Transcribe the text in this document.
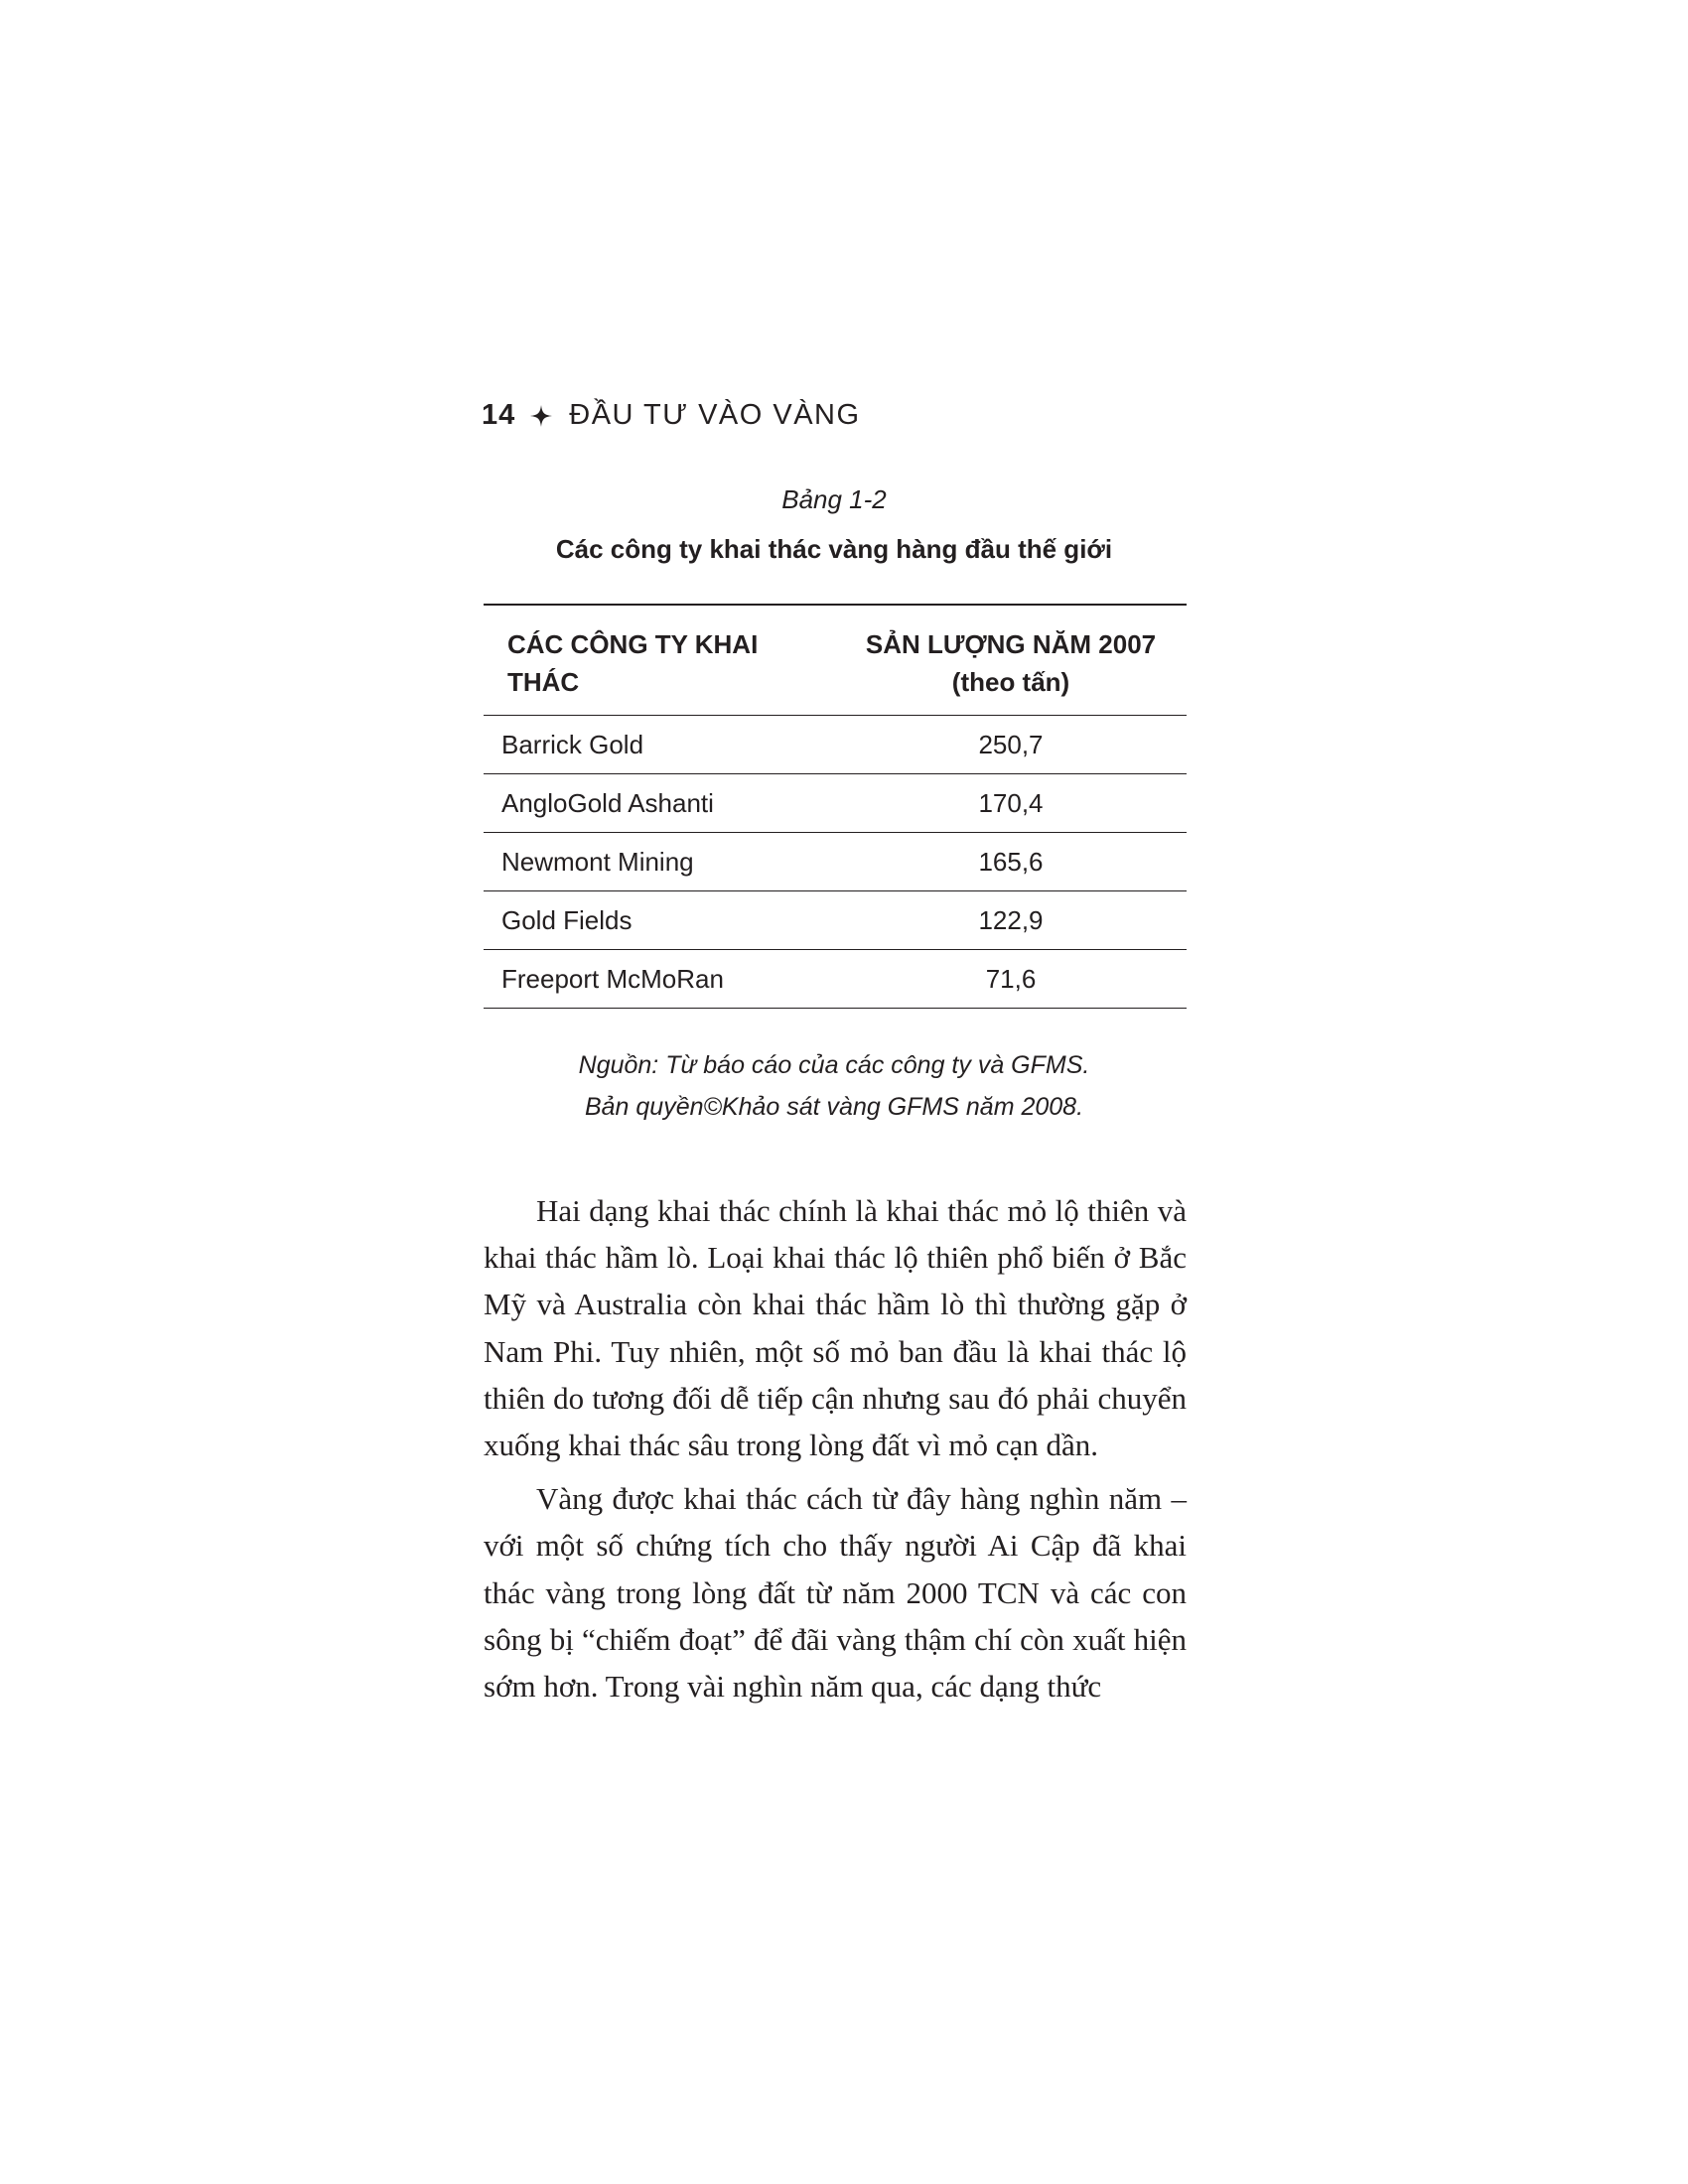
14 ĐẦU TƯ VÀO VÀNG
Bảng 1-2
Các công ty khai thác vàng hàng đầu thế giới
CÁC CÔNG TY KHAI THÁC	SẢN LƯỢNG NĂM 2007
(theo tấn)
Barrick Gold	250,7
AngloGold Ashanti	170,4
Newmont Mining	165,6
Gold Fields	122,9
Freeport McMoRan	71,6
Nguồn: Từ báo cáo của các công ty và GFMS.
Bản quyền©Khảo sát vàng GFMS năm 2008.

Hai dạng khai thác chính là khai thác mỏ lộ thiên và khai thác hầm lò. Loại khai thác lộ thiên phổ biến ở Bắc Mỹ và Australia còn khai thác hầm lò thì thường gặp ở Nam Phi. Tuy nhiên, một số mỏ ban đầu là khai thác lộ thiên do tương đối dễ tiếp cận nhưng sau đó phải chuyển xuống khai thác sâu trong lòng đất vì mỏ cạn dần.

Vàng được khai thác cách từ đây hàng nghìn năm – với một số chứng tích cho thấy người Ai Cập đã khai thác vàng trong lòng đất từ năm 2000 TCN và các con sông bị “chiếm đoạt” để đãi vàng thậm chí còn xuất hiện sớm hơn. Trong vài nghìn năm qua, các dạng thức
